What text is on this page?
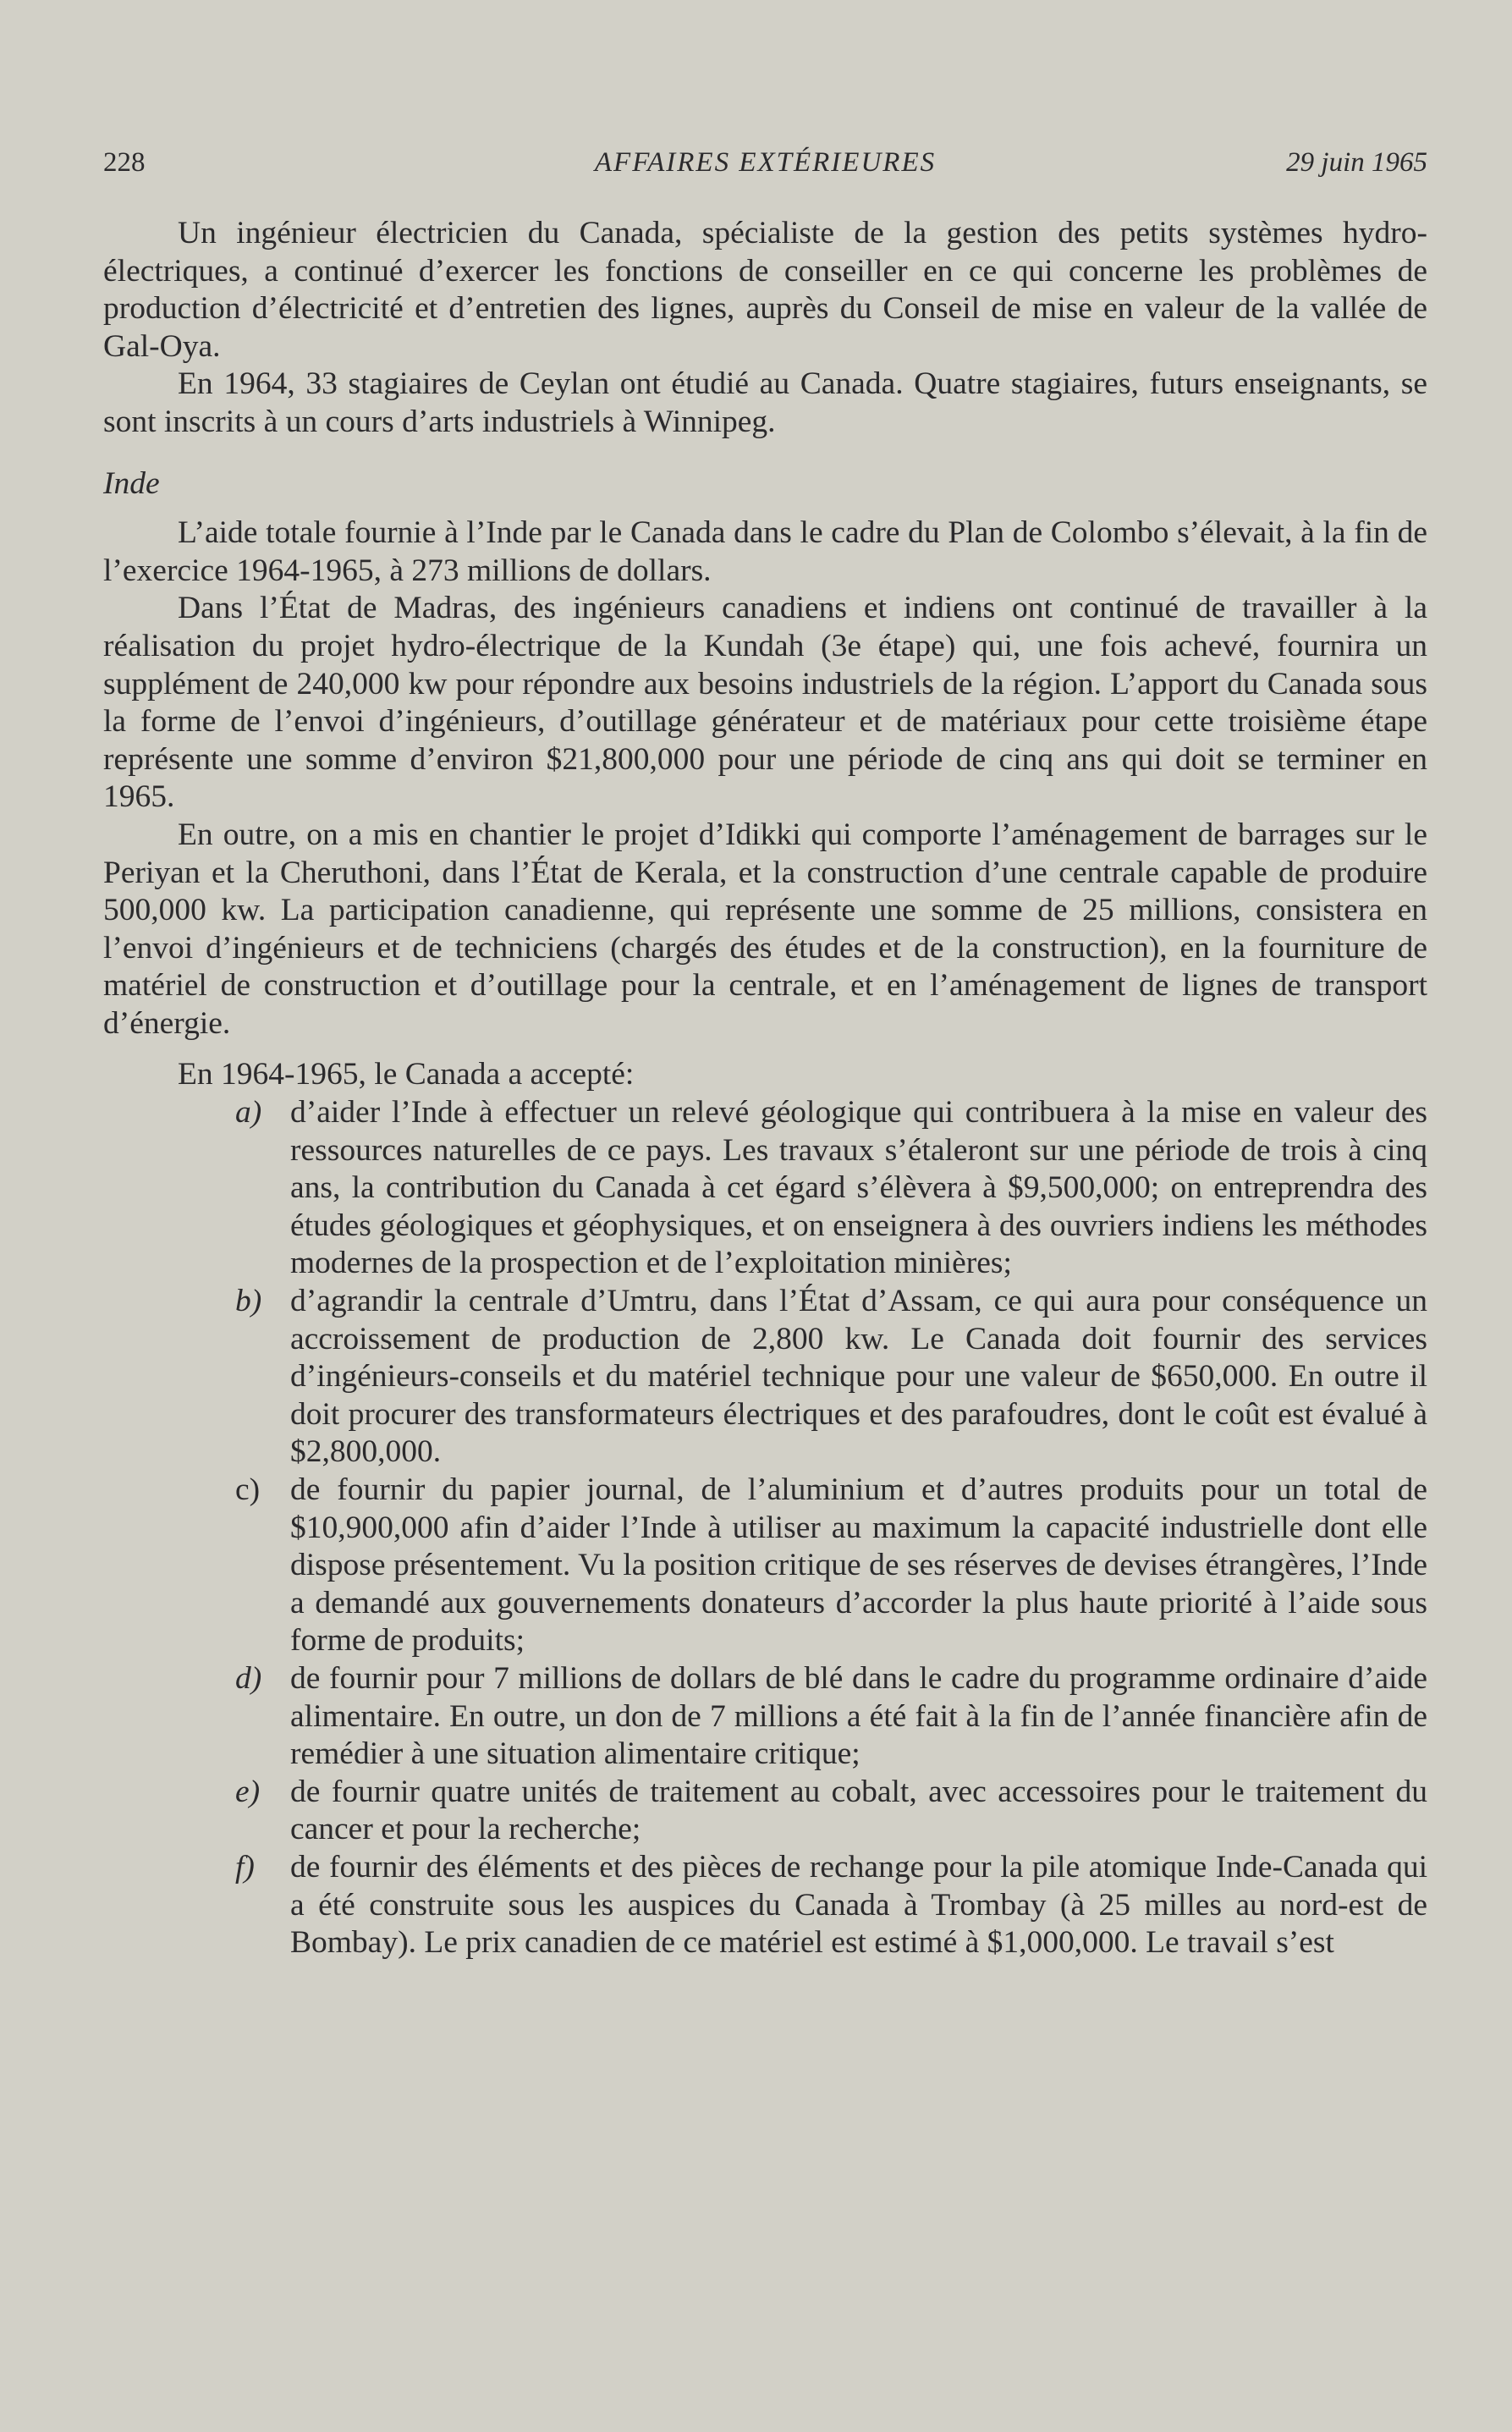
228	AFFAIRES EXTÉRIEURES	29 juin 1965

Un ingénieur électricien du Canada, spécialiste de la gestion des petits systèmes hydro-électriques, a continué d’exercer les fonctions de conseiller en ce qui concerne les problèmes de production d’électricité et d’entretien des lignes, auprès du Conseil de mise en valeur de la vallée de Gal-Oya.

En 1964, 33 stagiaires de Ceylan ont étudié au Canada. Quatre stagiaires, futurs enseignants, se sont inscrits à un cours d’arts industriels à Winnipeg.

Inde

L’aide totale fournie à l’Inde par le Canada dans le cadre du Plan de Colombo s’élevait, à la fin de l’exercice 1964-1965, à 273 millions de dollars.

Dans l’État de Madras, des ingénieurs canadiens et indiens ont continué de travailler à la réalisation du projet hydro-électrique de la Kundah (3e étape) qui, une fois achevé, fournira un supplément de 240,000 kw pour répondre aux besoins industriels de la région. L’apport du Canada sous la forme de l’envoi d’ingénieurs, d’outillage générateur et de matériaux pour cette troisième étape représente une somme d’environ $21,800,000 pour une période de cinq ans qui doit se terminer en 1965.

En outre, on a mis en chantier le projet d’Idikki qui comporte l’aménagement de barrages sur le Periyan et la Cheruthoni, dans l’État de Kerala, et la construction d’une centrale capable de produire 500,000 kw. La participation canadienne, qui représente une somme de 25 millions, consistera en l’envoi d’ingénieurs et de techniciens (chargés des études et de la construction), en la fourniture de matériel de construction et d’outillage pour la centrale, et en l’aménagement de lignes de transport d’énergie.

En 1964-1965, le Canada a accepté:

a) d’aider l’Inde à effectuer un relevé géologique qui contribuera à la mise en valeur des ressources naturelles de ce pays. Les travaux s’étaleront sur une période de trois à cinq ans, la contribution du Canada à cet égard s’élèvera à $9,500,000; on entreprendra des études géologiques et géophysiques, et on enseignera à des ouvriers indiens les méthodes modernes de la prospection et de l’exploitation minières;
b) d’agrandir la centrale d’Umtru, dans l’État d’Assam, ce qui aura pour conséquence un accroissement de production de 2,800 kw. Le Canada doit fournir des services d’ingénieurs-conseils et du matériel technique pour une valeur de $650,000. En outre il doit procurer des transformateurs électriques et des parafoudres, dont le coût est évalué à $2,800,000.
c) de fournir du papier journal, de l’aluminium et d’autres produits pour un total de $10,900,000 afin d’aider l’Inde à utiliser au maximum la capacité industrielle dont elle dispose présentement. Vu la position critique de ses réserves de devises étrangères, l’Inde a demandé aux gouvernements donateurs d’accorder la plus haute priorité à l’aide sous forme de produits;
d) de fournir pour 7 millions de dollars de blé dans le cadre du programme ordinaire d’aide alimentaire. En outre, un don de 7 millions a été fait à la fin de l’année financière afin de remédier à une situation alimentaire critique;
e) de fournir quatre unités de traitement au cobalt, avec accessoires pour le traitement du cancer et pour la recherche;
f) de fournir des éléments et des pièces de rechange pour la pile atomique Inde-Canada qui a été construite sous les auspices du Canada à Trombay (à 25 milles au nord-est de Bombay). Le prix canadien de ce matériel est estimé à $1,000,000. Le travail s’est
